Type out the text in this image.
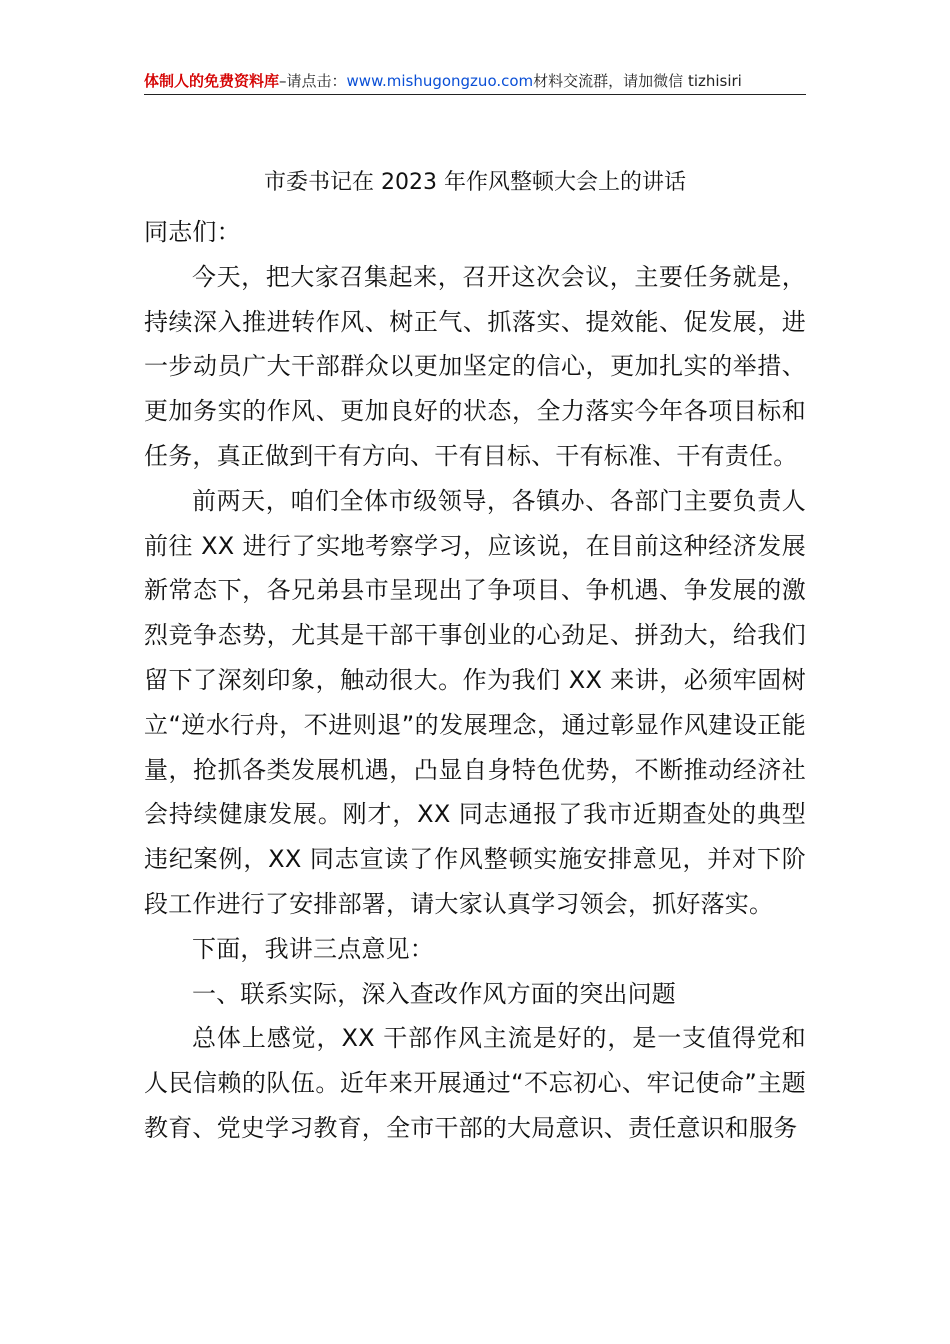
体制人的免费资料库–请点击：www.mishugongzuo.com材料交流群，请加微信 tizhisiri
市委书记在 2023 年作风整顿大会上的讲话

同志们：

今天，把大家召集起来，召开这次会议，主要任务就是，持续深入推进转作风、树正气、抓落实、提效能、促发展，进一步动员广大干部群众以更加坚定的信心，更加扎实的举措、更加务实的作风、更加良好的状态，全力落实今年各项目标和任务，真正做到干有方向、干有目标、干有标准、干有责任。

前两天，咱们全体市级领导，各镇办、各部门主要负责人前往 XX 进行了实地考察学习，应该说，在目前这种经济发展新常态下，各兄弟县市呈现出了争项目、争机遇、争发展的激烈竞争态势，尤其是干部干事创业的心劲足、拼劲大，给我们留下了深刻印象，触动很大。作为我们 XX 来讲，必须牢固树立“逆水行舟，不进则退”的发展理念，通过彰显作风建设正能量，抢抓各类发展机遇，凸显自身特色优势，不断推动经济社会持续健康发展。刚才，XX 同志通报了我市近期查处的典型违纪案例，XX 同志宣读了作风整顿实施安排意见，并对下阶段工作进行了安排部署，请大家认真学习领会，抓好落实。

下面，我讲三点意见：

一、联系实际，深入查改作风方面的突出问题

总体上感觉，XX 干部作风主流是好的，是一支值得党和人民信赖的队伍。近年来开展通过“不忘初心、牢记使命”主题教育、党史学习教育，全市干部的大局意识、责任意识和服务
